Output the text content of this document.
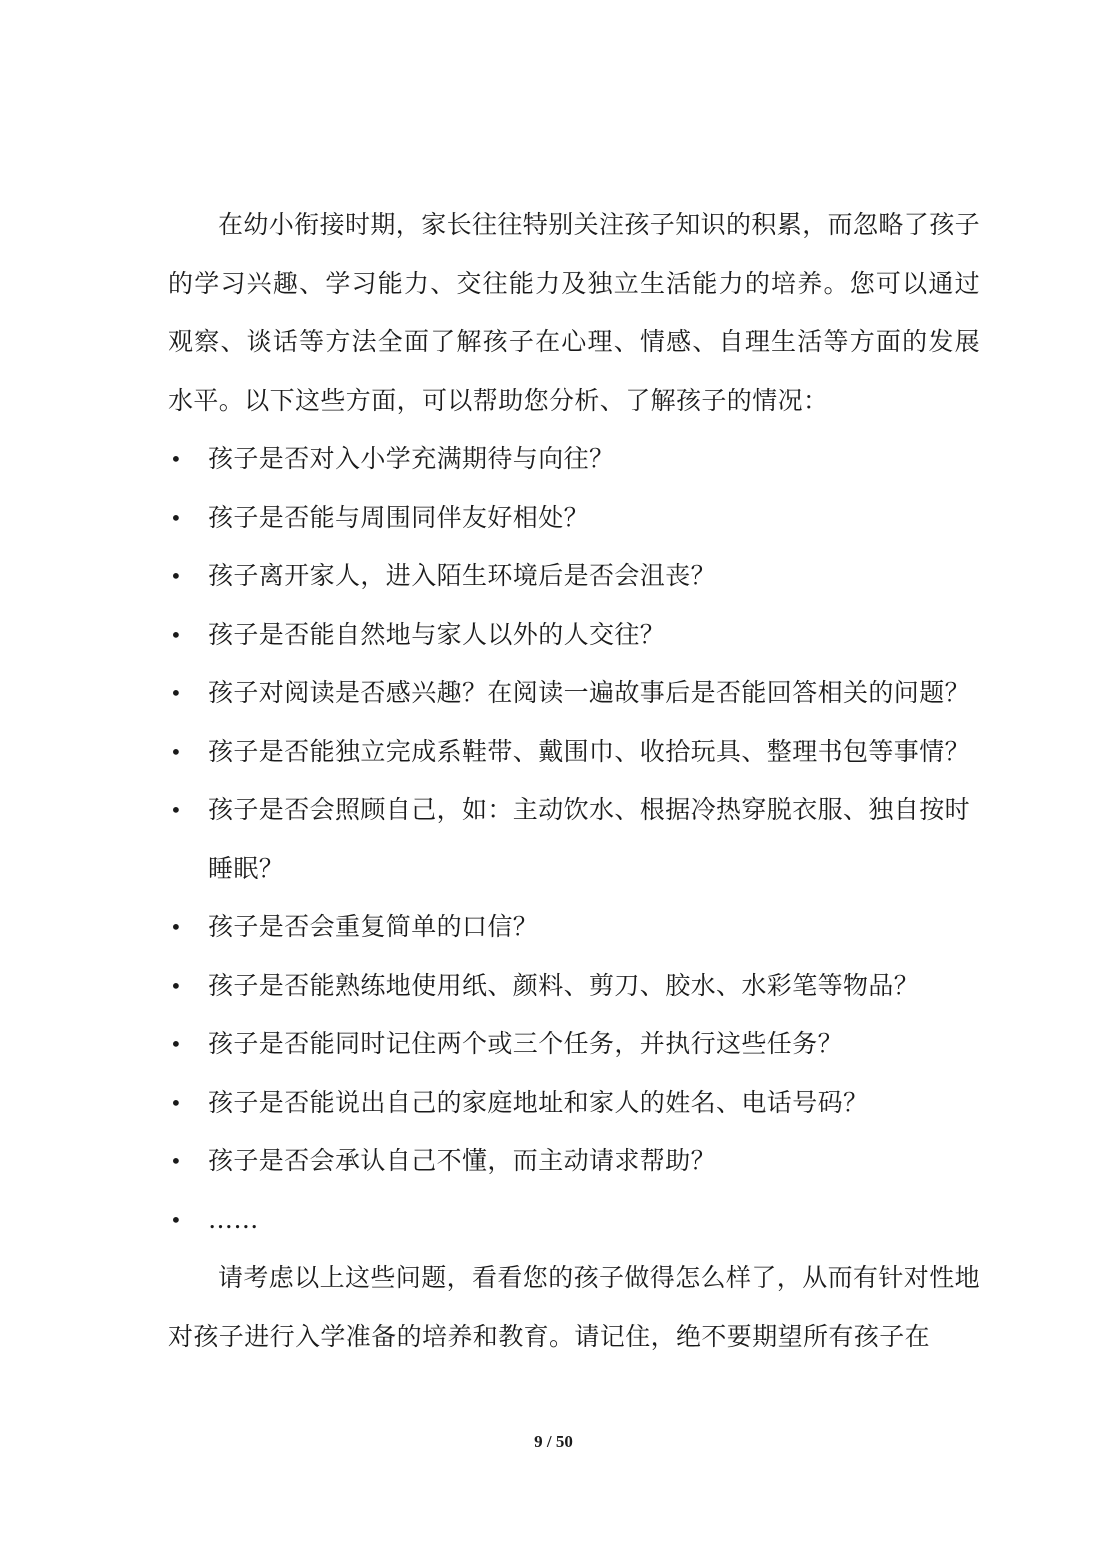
在幼小衔接时期，家长往往特别关注孩子知识的积累，而忽略了孩子的学习兴趣、学习能力、交往能力及独立生活能力的培养。您可以通过观察、谈话等方法全面了解孩子在心理、情感、自理生活等方面的发展水平。以下这些方面，可以帮助您分析、了解孩子的情况：

• 孩子是否对入小学充满期待与向往？
• 孩子是否能与周围同伴友好相处？
• 孩子离开家人，进入陌生环境后是否会沮丧？
• 孩子是否能自然地与家人以外的人交往？
• 孩子对阅读是否感兴趣？在阅读一遍故事后是否能回答相关的问题？
• 孩子是否能独立完成系鞋带、戴围巾、收拾玩具、整理书包等事情？
• 孩子是否会照顾自己，如：主动饮水、根据冷热穿脱衣服、独自按时睡眠？
• 孩子是否会重复简单的口信？
• 孩子是否能熟练地使用纸、颜料、剪刀、胶水、水彩笔等物品？
• 孩子是否能同时记住两个或三个任务，并执行这些任务？
• 孩子是否能说出自己的家庭地址和家人的姓名、电话号码？
• 孩子是否会承认自己不懂，而主动请求帮助？
• ……

请考虑以上这些问题，看看您的孩子做得怎么样了，从而有针对性地对孩子进行入学准备的培养和教育。请记住，绝不要期望所有孩子在

9 / 50
